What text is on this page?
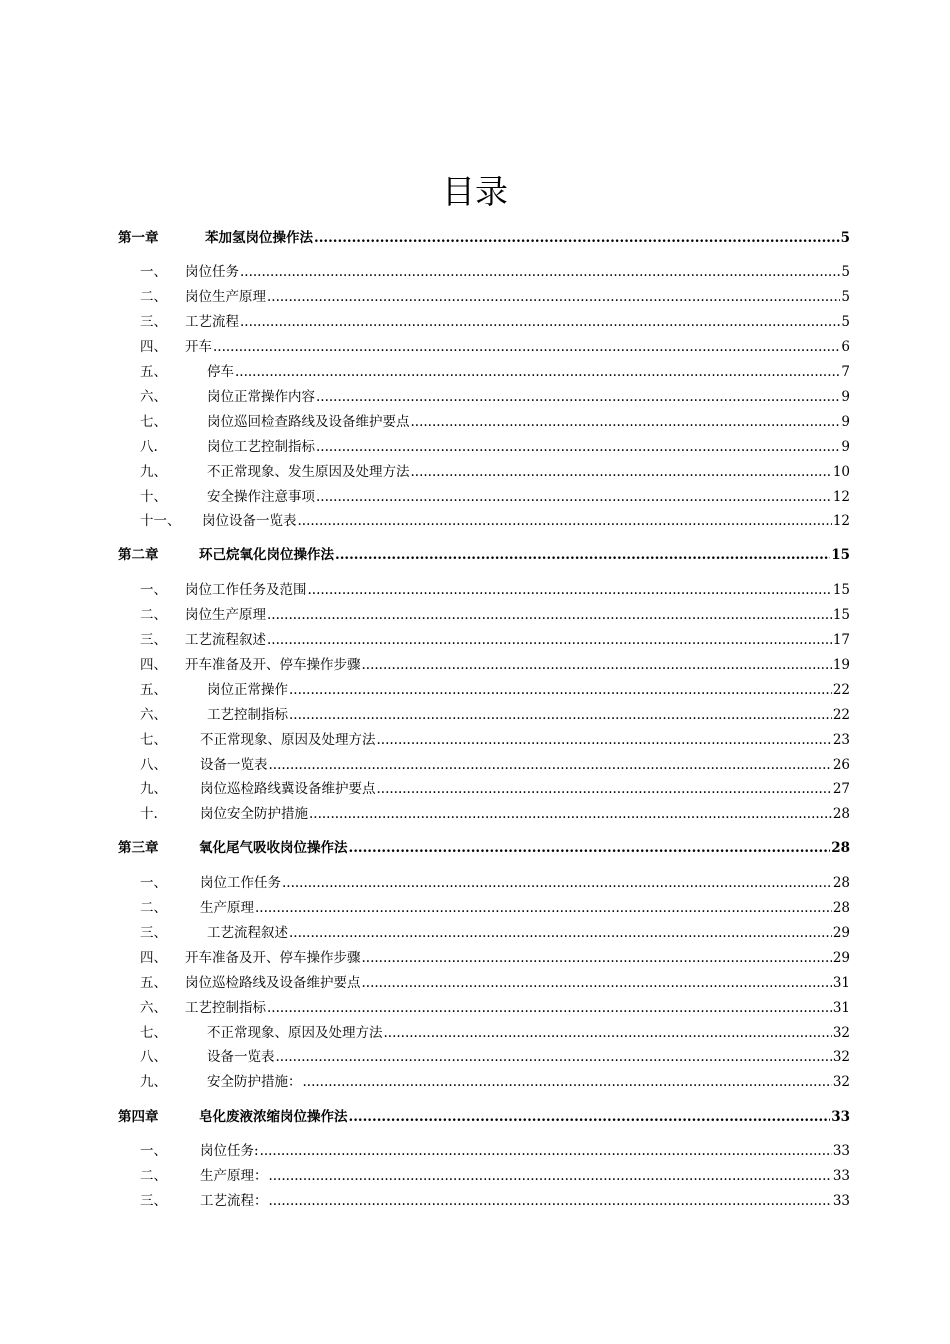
目录
第一章 .....	苯加氢岗位操作法	5
一、 ..... 岗位任务	5
二、 ..... 岗位生产原理	5
三、 ..... 工艺流程	5
四、 ..... 开车	6
五、 .....	停车	7
六、 .....	岗位正常操作内容	9
七、 .....	岗位巡回检查路线及设备维护要点	9
八. .....	岗位工艺控制指标	9
九、 .....	不正常现象、发生原因及处理方法	10
十、 .....	安全操作注意事项	12
十一、 ..... 岗位设备一览表	12
第二章 .....	环己烷氧化岗位操作法	15
一、 ..... 岗位工作任务及范围	15
二、 ..... 岗位生产原理	15
三、 ..... 工艺流程叙述	17
四、 ..... 开车准备及开、停车操作步骤	19
五、 .....	岗位正常操作	22
六、 .....	工艺控制指标	22
七、 ..... 不正常现象、原因及处理方法	23
八、 ..... 设备一览表	26
九、 ..... 岗位巡检路线冀设备维护要点	27
十. .....	岗位安全防护措施	28
第三章 .....	氧化尾气吸收岗位操作法	28
一、 ..... 岗位工作任务	28
二、 ..... 生产原理	28
三、 .....	工艺流程叙述	29
四、 ..... 开车准备及开、停车操作步骤	29
五、 ..... 岗位巡检路线及设备维护要点	31
六、 ..... 工艺控制指标	31
七、 .....	不正常现象、原因及处理方法	32
八、 .....	设备一览表	32
九、 .....	安全防护措施：	32
第四章 .....	皂化废液浓缩岗位操作法	33
一、 ..... 岗位任务:	33
二、 ..... 生产原理：	33
三、 ..... 工艺流程：	33
